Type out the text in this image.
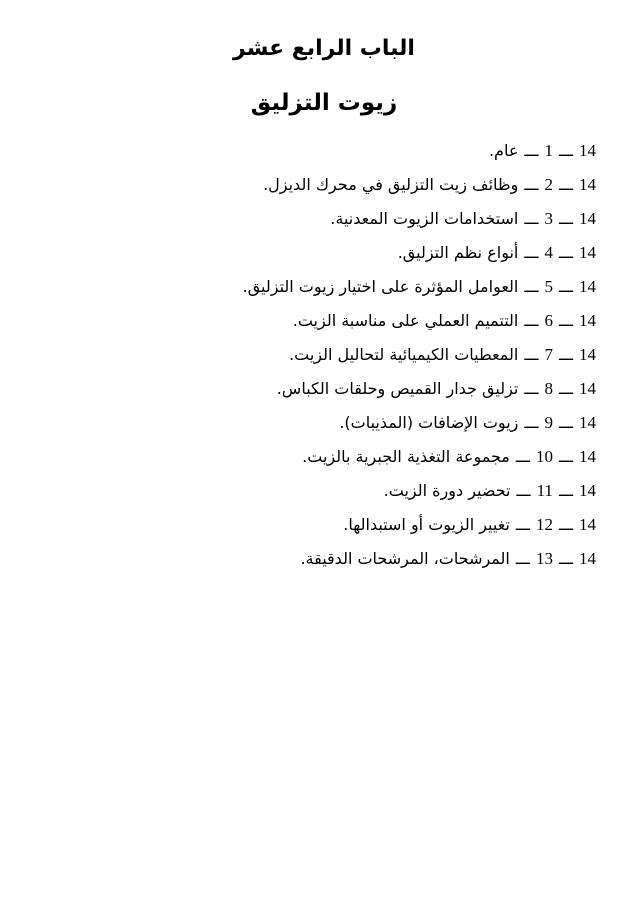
الباب الرابع عشر
زيوت التزليق
14ـــ1ـــعام.
14ـــ2ـــوظائف زيت التزليق في محرك الديزل.
14ـــ3ـــاستخدامات الزيوت المعدنية.
14ـــ4ـــأنواع نظم التزليق.
14ـــ5ـــالعوامل المؤثرة على اختيار زيوت التزليق.
14ـــ6ـــالتتميم العملي على مناسبة الزيت.
14ـــ7ـــالمعطيات الكيميائية لتحاليل الزيت.
14ـــ8ـــتزليق جدار القميص وحلقات الكباس.
14ـــ9ـــزيوت الإضافات (المذيبات).
14ـــ10ـــمجموعة التغذية الجبرية بالزيت.
14ـــ11ـــتحضير دورة الزيت.
14ـــ12ـــتغيير الزيوت أو استبدالها.
14ـــ13ـــالمرشحات، المرشحات الدقيقة.
